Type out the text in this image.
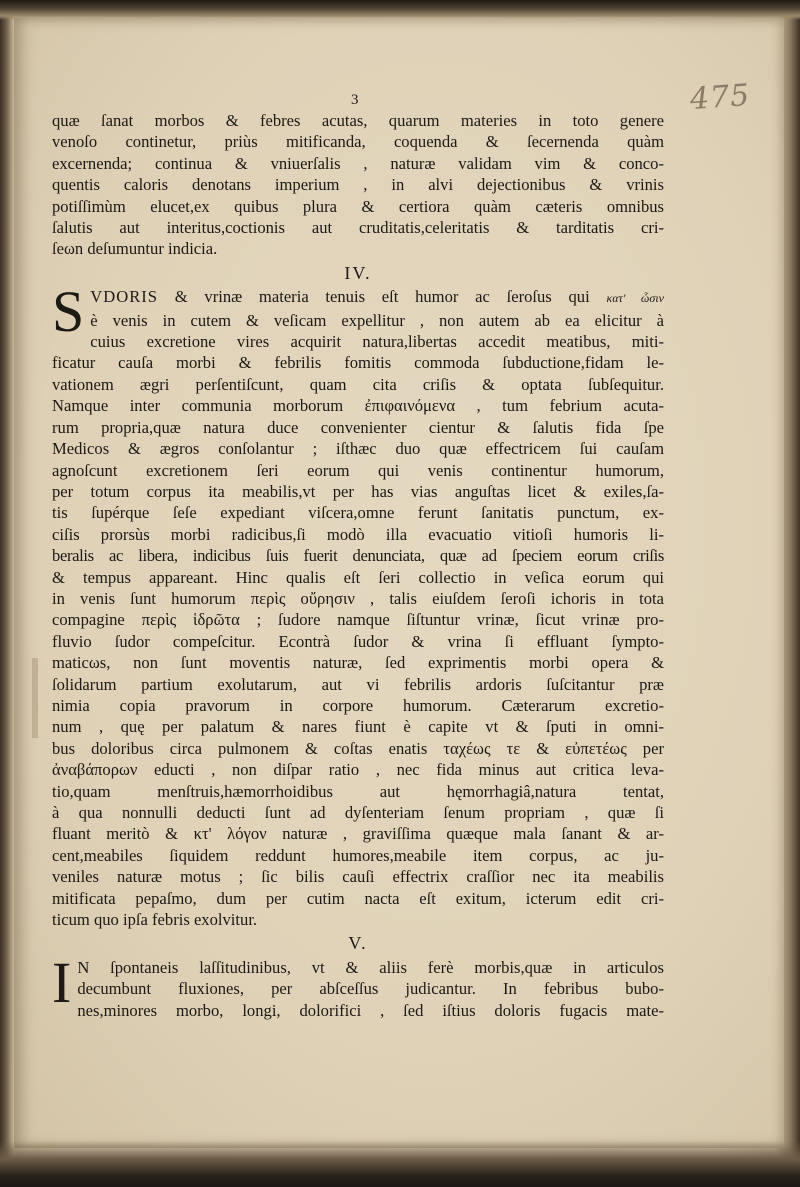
3	475
quæ ſanat morbos & febres acutas, quarum materies in toto genere
venoſo continetur, priùs mitificanda, coquenda & ſecernenda quàm
excernenda; continua & vniuerſalis , naturæ validam vim & conco-
quentis caloris denotans imperium , in alvi dejectionibus & vrinis
potiſſimùm elucet,ex quibus plura & certiora quàm cæteris omnibus
ſalutis aut interitus,coctionis aut cruditatis,celeritatis & tarditatis cri-
ſeωn deſumuntur indicia.
IV.
S VDORIS & vrinæ materia tenuis eſt humor ac ſeroſus qui κατ' ὦσιν
è venis in cutem & veſicam expellitur , non autem ab ea elicitur à
cuius excretione vires acquirit natura,libertas accedit meatibus, miti-
ficatur cauſa morbi & febrilis fomitis commoda ſubductione,fidam le-
vationem ægri perſentiſcunt, quam cita criſis & optata ſubſequitur.
Namque inter communia morborum ἐπιφαινόμενα , tum febrium acuta-
rum propria,quæ natura duce convenienter cientur & ſalutis fida ſpe
Medicos & ægros conſolantur ; iſthæc duo quæ effectricem ſui cauſam
agnoſcunt excretionem ſeri eorum qui venis continentur humorum,
per totum corpus ita meabilis,vt per has vias anguſtas licet & exiles,ſa-
tis ſupérque ſeſe expediant viſcera,omne ferunt ſanitatis punctum, ex-
ciſis prorsùs morbi radicibus,ſi modò illa evacuatio vitioſi humoris li-
beralis ac libera, indicibus ſuis fuerit denunciata, quæ ad ſpeciem eorum criſis
& tempus appareant. Hinc qualis eſt ſeri collectio in veſica eorum qui
in venis ſunt humorum περὶς οὔρησιν , talis eiuſdem ſeroſi ichoris in tota
compagine περὶς ἱδρῶτα ; ſudore namque ſiſtuntur vrinæ, ſicut vrinæ pro-
fluvio ſudor compeſcitur. Econtrà ſudor & vrina ſi effluant ſympto-
maticωs, non ſunt moventis naturæ, ſed exprimentis morbi opera &
ſolidarum partium exolutarum, aut vi febrilis ardoris ſuſcitantur præ
nimia copia pravorum in corpore humorum. Cæterarum excretio-
num , quę per palatum & nares fiunt è capite vt & ſputi in omni-
bus doloribus circa pulmonem & coſtas enatis ταχέως τε & εὐπετέως per
ἀναβάπορων educti , non diſpar ratio , nec fida minus aut critica leva-
tio,quam menſtruis,hæmorrhoidibus aut hęmorrhagiâ,natura tentat,
à qua nonnulli deducti ſunt ad dyſenteriam ſenum propriam , quæ ſi
fluant meritò & κτ' λόγον naturæ , graviſſima quæque mala ſanant & ar-
cent,meabiles ſiquidem reddunt humores,meabile item corpus, ac ju-
veniles naturæ motus ; ſic bilis cauſi effectrix craſſior nec ita meabilis
mitificata pepaſmo, dum per cutim nacta eſt exitum, icterum edit cri-
ticum quo ipſa febris exolvitur.
V.
I N ſpontaneis laſſitudinibus, vt & aliis ferè morbis,quæ in articulos
decumbunt fluxiones, per abſceſſus judicantur. In febribus bubo-
nes,minores morbo, longi, dolorifici , ſed iſtius doloris fugacis mate-
